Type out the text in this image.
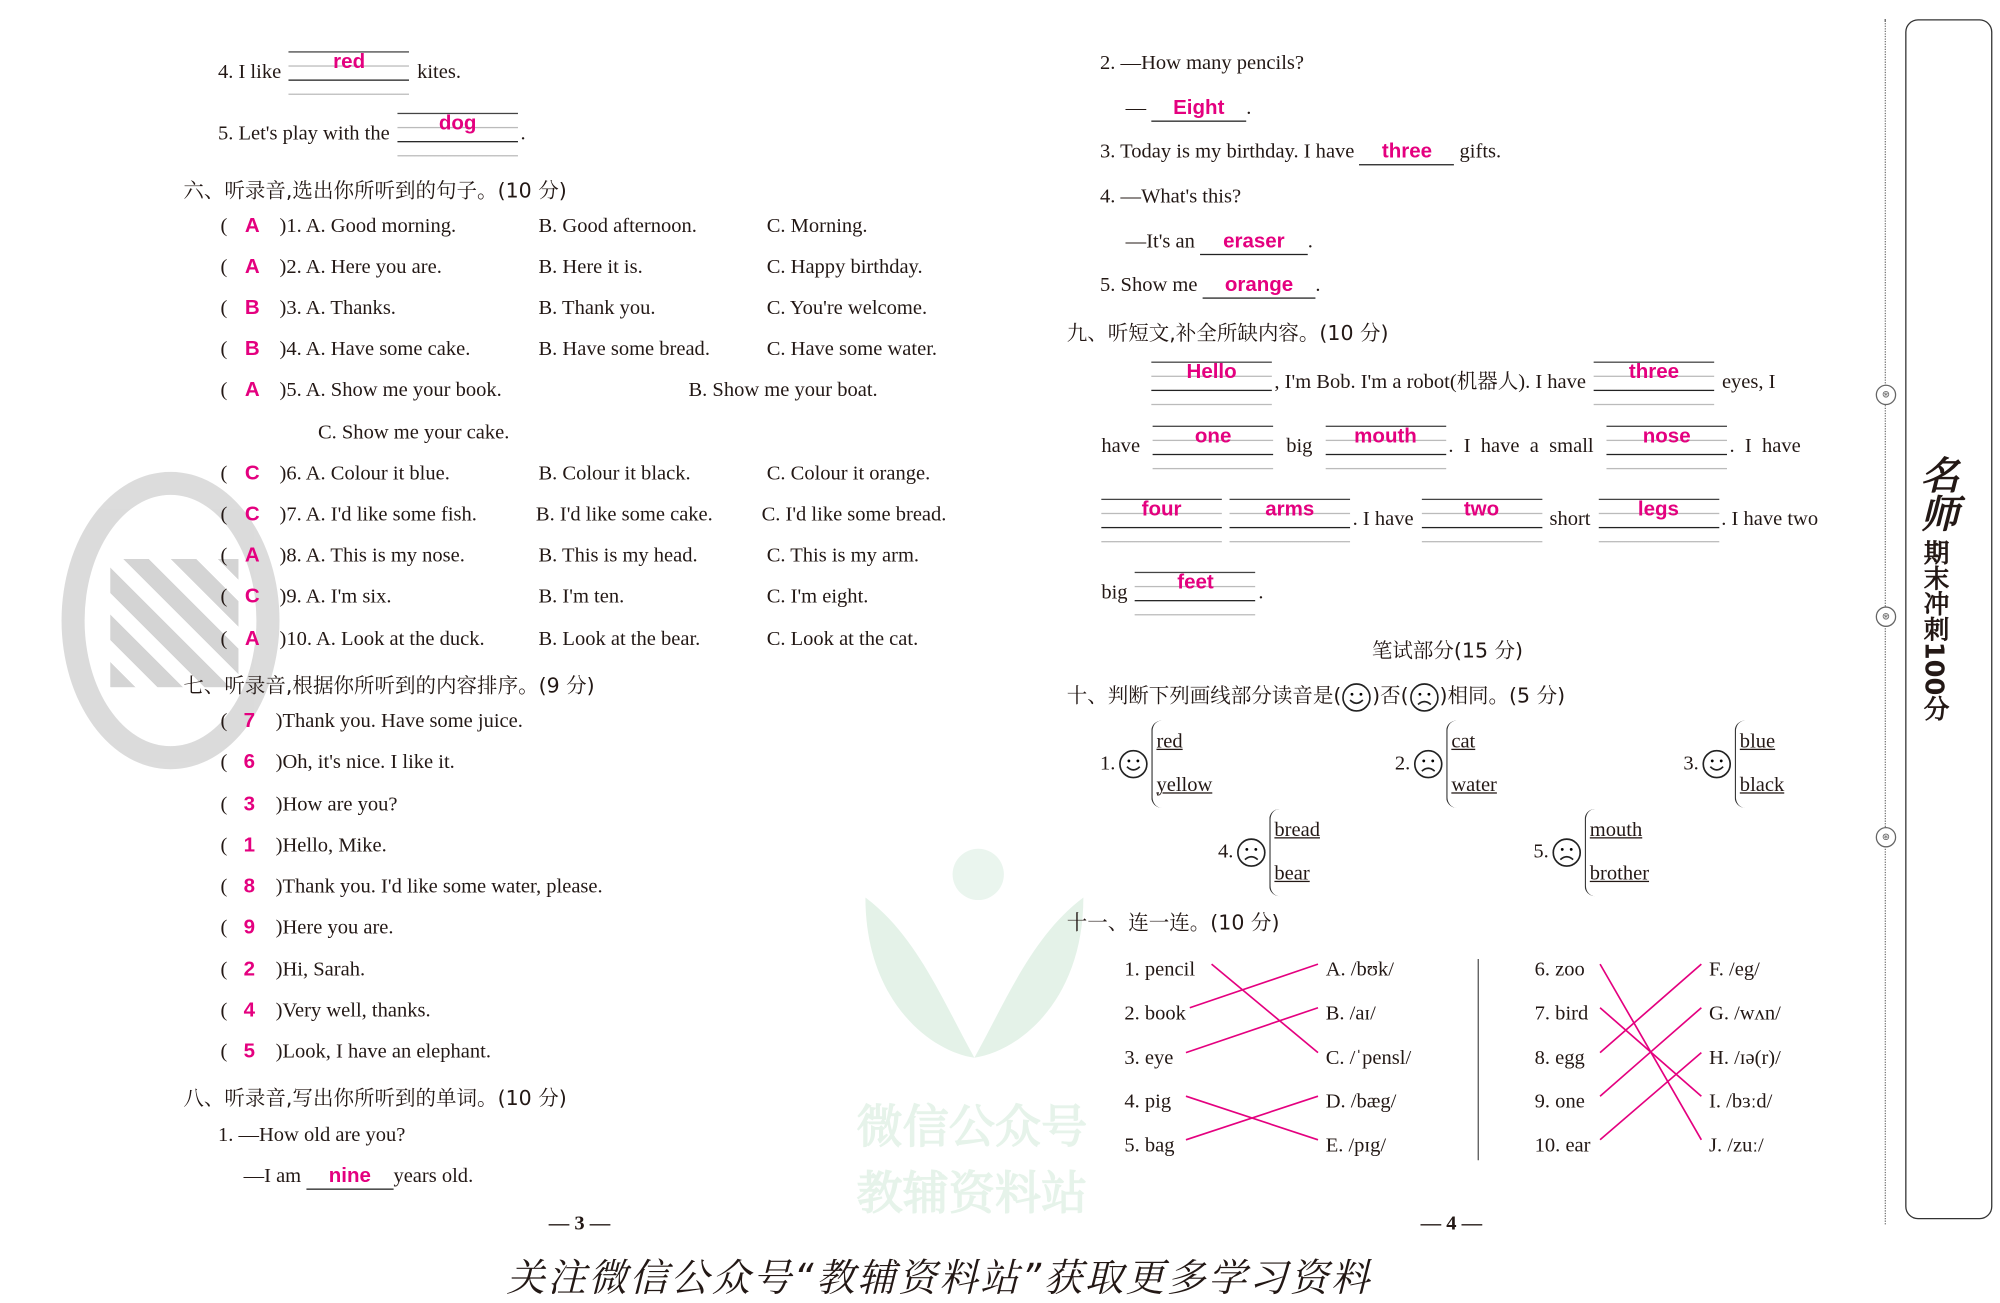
微信公众号
教辅资料站
4. I like	red	kites.
5. Let's play with the	dog	.
六、听录音,选出你所听到的句子。(10 分)
( A )1. A. Good morning.	B. Good afternoon.	C. Morning.
( A )2. A. Here you are.	B. Here it is.	C. Happy birthday.
( B )3. A. Thanks.	B. Thank you.	C. You're welcome.
( B )4. A. Have some cake.	B. Have some bread.	C. Have some water.
( A )5. A. Show me your book.	B. Show me your boat.
C. Show me your cake.
( C )6. A. Colour it blue.	B. Colour it black.	C. Colour it orange.
( C )7. A. I'd like some fish.	B. I'd like some cake.	C. I'd like some bread.
( A )8. A. This is my nose.	B. This is my head.	C. This is my arm.
( C )9. A. I'm six.	B. I'm ten.	C. I'm eight.
( A )10. A. Look at the duck.	B. Look at the bear.	C. Look at the cat.
七、听录音,根据你所听到的内容排序。(9 分)
( 7 )Thank you. Have some juice.
( 6 )Oh, it's nice. I like it.
( 3 )How are you?
( 1 )Hello, Mike.
( 8 )Thank you. I'd like some water, please.
( 9 )Here you are.
( 2 )Hi, Sarah.
( 4 )Very well, thanks.
( 5 )Look, I have an elephant.
八、听录音,写出你所听到的单词。(10 分)
1. —How old are you?
—I am nine years old.
— 3 —
2. —How many pencils?
— Eight .
3. Today is my birthday. I have three gifts.
4. —What's this?
—It's an eraser .
5. Show me orange .
九、听短文,补全所缺内容。(10 分)
Hello , I'm Bob. I'm a robot(机器人). I have	three	eyes, I
have	one	big	mouth . I have a small	nose . I have
four	arms . I have	two	short	legs	. I have two
big	feet	.
笔试部分(15 分)
十、判断下列画线部分读音是( )否( )相同。(5 分)
1.
red
yellow
2.
cat
water
3.
blue
black
4.
bread
bear
5.
mouth
brother
十一、连一连。(10 分)
1. pencil	A. /bʊk/	6. zoo	F. /eg/
2. book	B. /aɪ/	7. bird	G. /wʌn/
3. eye	C. /ˈpensl/	8. egg	H. /ɪə(r)/
4. pig	D. /bæg/	9. one	I. /bɜːd/
5. bag	E. /pɪg/	10. ear	J. /zuː/
— 4 —
⊛
⊛
⊛
名师 期末冲刺100分
关注微信公众号“教辅资料站”获取更多学习资料
